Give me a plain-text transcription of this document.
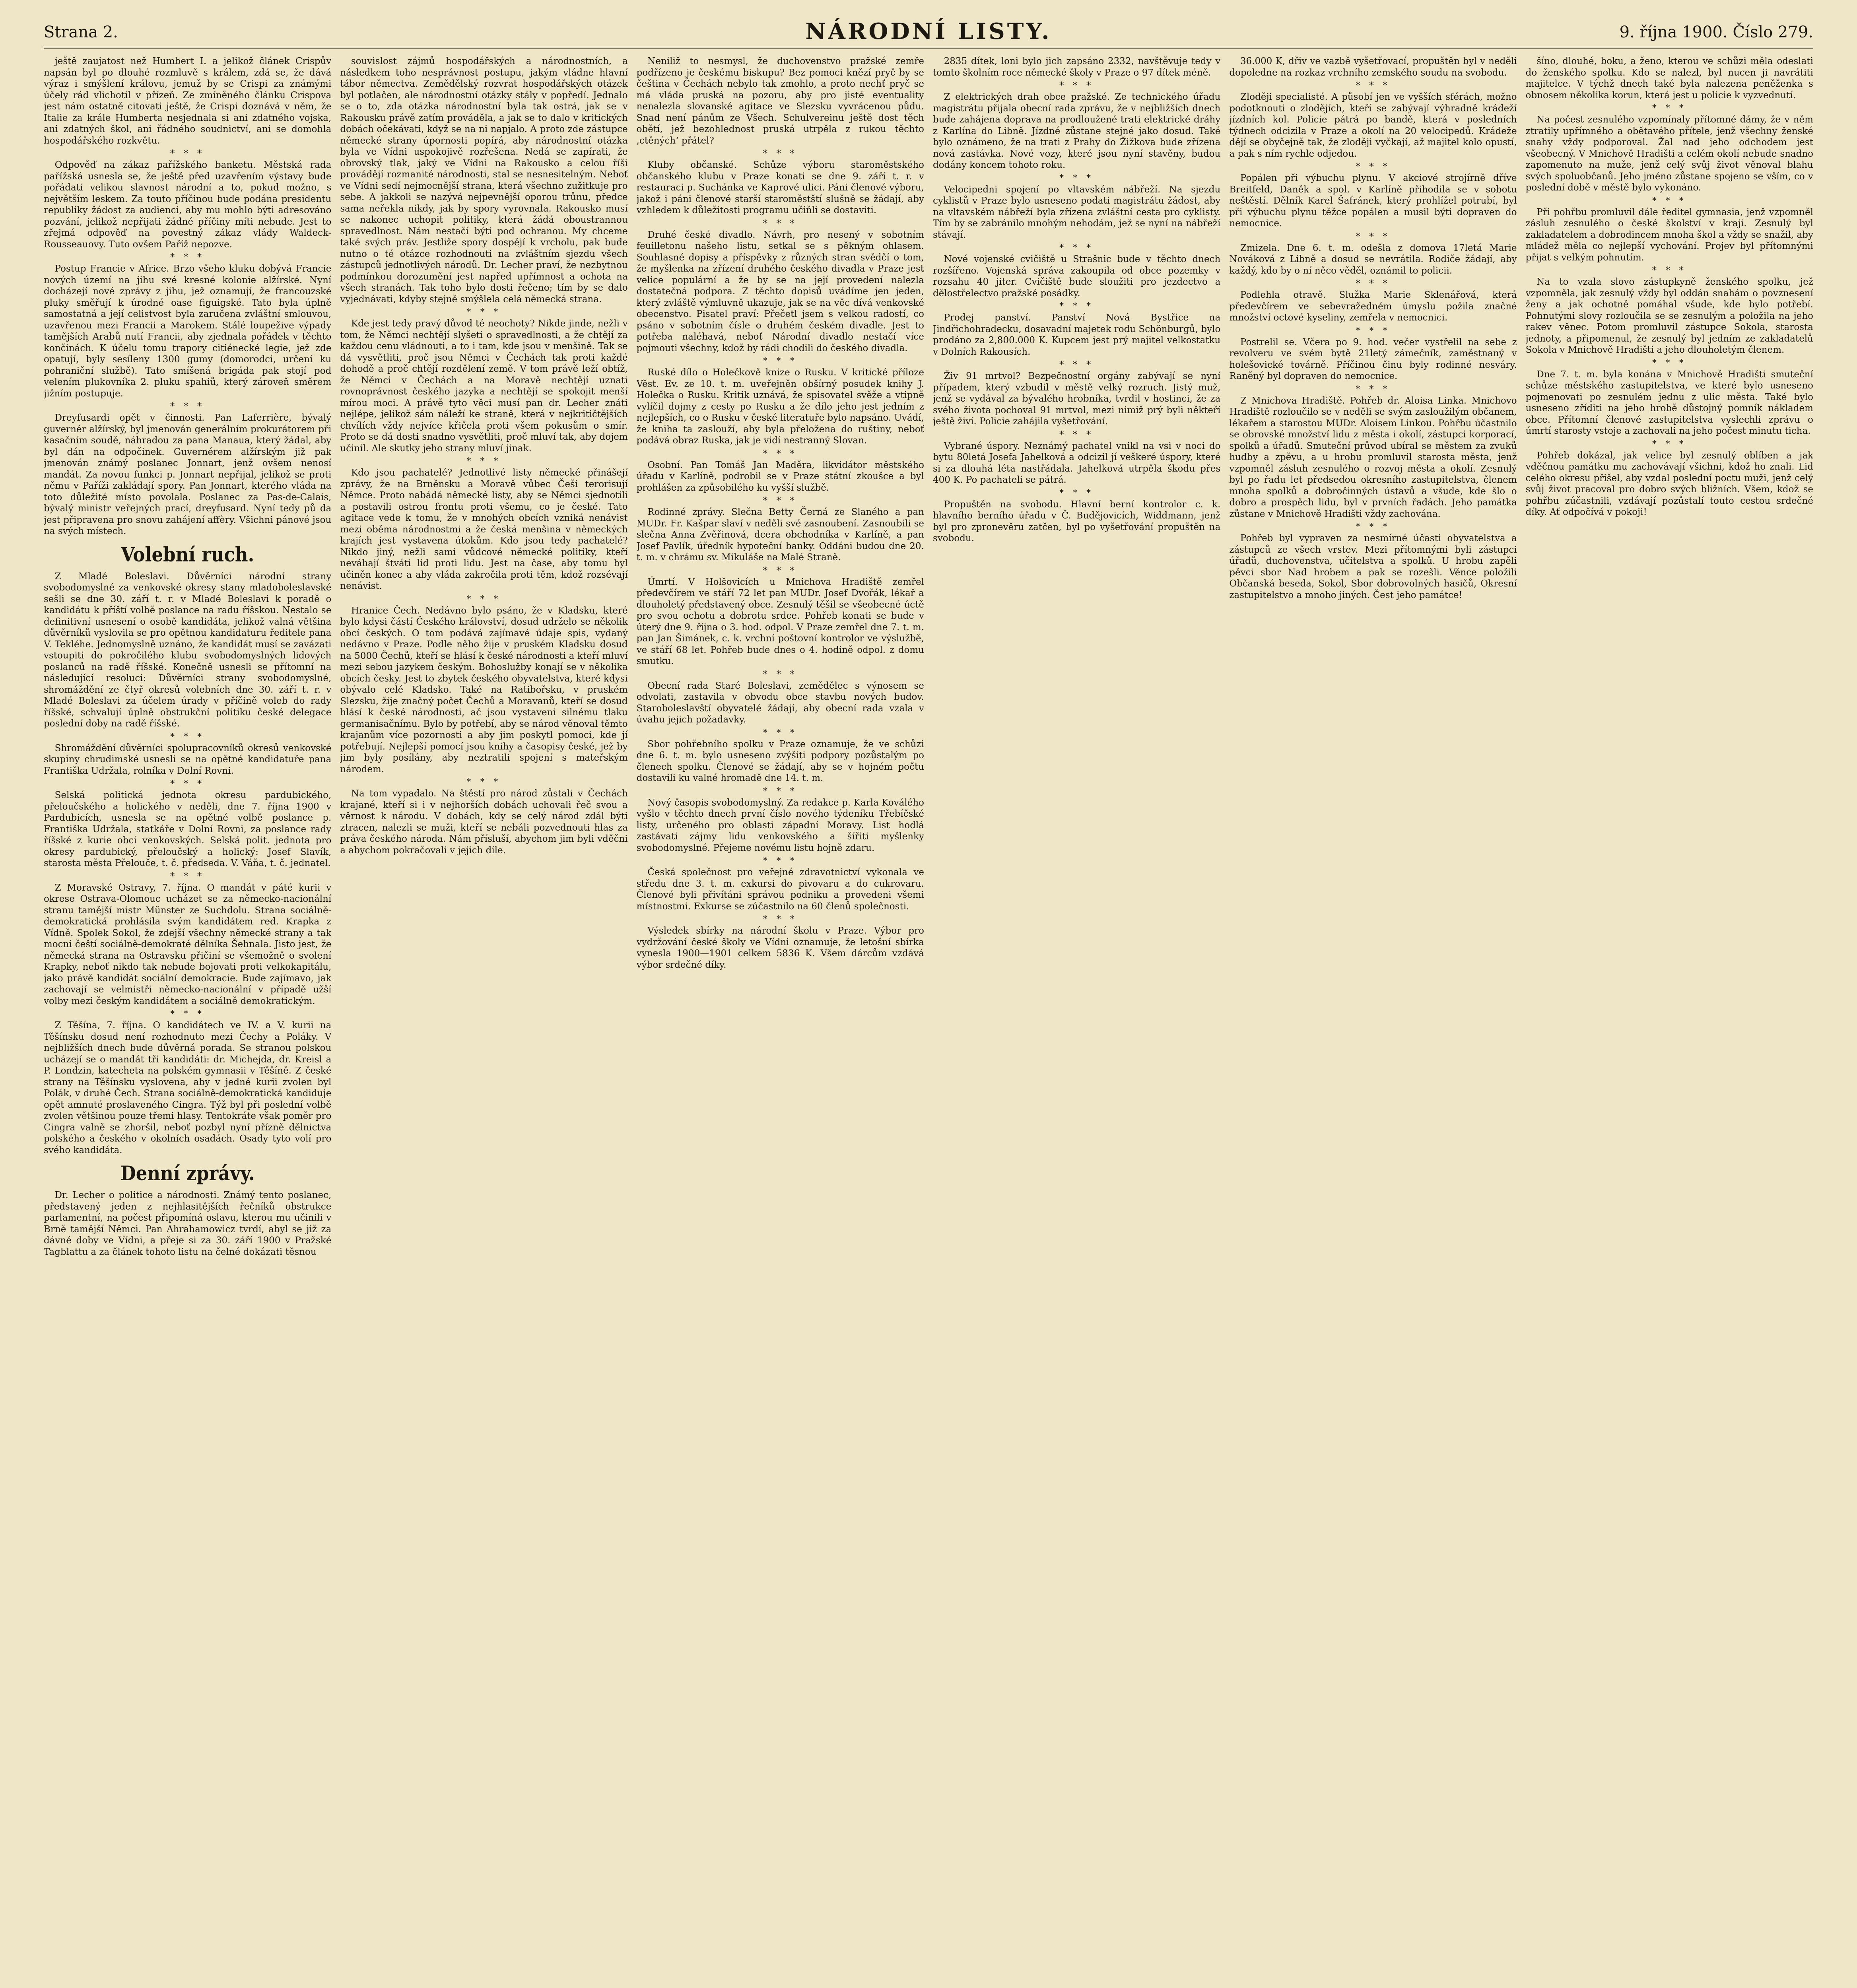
Strana 2.	NÁRODNÍ LISTY.	9. října 1900. Číslo 279.

ještě zaujatost než Humbert I. a jelikož článek Crispův napsán byl po dlouhé rozmluvě s králem, zdá se, že dává výraz i smýšlení královu, jemuž by se Crispi za známými účely rád vlichotil v přízeň. Ze zmíněného článku Crispova jest nám ostatně citovati ještě, že Crispi doznává v něm, že Italie za krále Humberta nesjednala si ani zdatného vojska, ani zdatných škol, ani řádného soudnictví, ani se domohla hospodářského rozkvětu.

* * *

Odpověď na zákaz pařížského banketu. Městská rada pařížská usnesla se, že ještě před uzavřením výstavy bude pořádati velikou slavnost národní a to, pokud možno, s největším leskem. Za touto příčinou bude podána presidentu republiky žádost za audienci, aby mu mohlo býti adresováno pozvání, jelikož nepřijati žádné příčiny míti nebude. Jest to zřejmá odpověď na povestný zákaz vlády Waldeck-Rousseauovy. Tuto ovšem Paříž nepozve.

* * *

Postup Francie v Africe. Brzo všeho kluku dobývá Francie nových území na jihu své kresné kolonie alžírské. Nyní docházejí nové zprávy z jihu, jež oznamují, že francouzské pluky směřují k úrodné oase figuigské. Tato byla úplně samostatná a její celistvost byla zaručena zvláštní smlouvou, uzavřenou mezi Francii a Marokem. Stálé loupežive výpady tamějších Arabů nutí Francii, aby zjednala pořádek v těchto končinách. K účelu tomu trapory citiénecké legie, jež zde opatují, byly sesíleny 1300 gumy (domorodci, určení ku pohraniční službě). Tato smíšená brigáda pak stojí pod velením plukovníka 2. pluku spahiů, který zároveň směrem jižním postupuje.

* * *

Dreyfusardi opět v činnosti. Pan Laferrière, bývalý guvernér alžírský, byl jmenován generálním prokurátorem při kasačním soudě, náhradou za pana Manaua, který žádal, aby byl dán na odpočinek. Guvernérem alžírským již pak jmenován známý poslanec Jonnart, jenž ovšem nenosí mandát. Za novou funkci p. Jonnart nepřijal, jelikož se proti němu v Paříži zakládají spory. Pan Jonnart, kterého vláda na toto důležité místo povolala. Poslanec za Pas-de-Calais, bývalý ministr veřejných prací, dreyfusard. Nyní tedy pů da jest připravena pro snovu zahájení affèry. Všichni pánové jsou na svých místech.

Volební ruch.

Z Mladé Boleslavi. Důvěrníci národní strany svobodomyslné za venkovské okresy stany mladoboleslavské sešli se dne 30. září t. r. v Mladé Boleslavi k poradě o kandidátu k příští volbě poslance na radu říšskou. Nestalo se definitivní usnesení o osobě kandidáta, jelikož valná většina důvěrníků vyslovila se pro opětnou kandidaturu ředitele pana V. Tekléhe. Jednomyslně uznáno, že kandidát musí se zavázati vstoupiti do pokročilého klubu svobodomyslných lidových poslanců na radě říšské. Konečně usnesli se přítomní na následující resoluci: Důvěrníci strany svobodomyslné, shromáždění ze čtyř okresů volebních dne 30. září t. r. v Mladé Boleslavi za účelem úrady v příčině voleb do rady říšské, schvalují úplně obstrukční politiku české delegace poslední doby na radě říšské.

* * *

Shromáždění důvěrníci spolupracovníků okresů venkovské skupiny chrudimské usnesli se na opětné kandidatuře pana Františka Udržala, rolníka v Dolní Rovni.

* * *

Selská politická jednota okresu pardubického, přeloučského a holického v neděli, dne 7. října 1900 v Pardubicích, usnesla se na opětné volbě poslance p. Františka Udržala, statkáře v Dolní Rovni, za poslance rady říšské z kurie obcí venkovských. Selská polit. jednota pro okresy pardubický, přeloučský a holický: Josef Slavík, starosta města Přelouče, t. č. předseda. V. Váňa, t. č. jednatel.

* * *

Z Moravské Ostravy, 7. října. O mandát v páté kurii v okrese Ostrava-Olomouc ucházet se za německo-nacionální stranu tamější mistr Münster ze Suchdolu. Strana sociálně-demokratická prohlásila svým kandidátem red. Krapka z Vídně. Spolek Sokol, že zdejší všechny německé strany a tak mocni čeští sociálně-demokraté dělníka Šehnala. Jisto jest, že německá strana na Ostravsku přičiní se všemožně o svolení Krapky, neboť nikdo tak nebude bojovati proti velkokapitálu, jako právě kandidát sociální demokracie. Bude zajímavo, jak zachovají se velmistři německo-nacionální v případě užší volby mezi českým kandidátem a sociálně demokratickým.

* * *

Z Těšína, 7. října. O kandidátech ve IV. a V. kurii na Těšínsku dosud není rozhodnuto mezi Čechy a Poláky. V nejbližších dnech bude důvěrná porada. Se stranou polskou ucházejí se o mandát tři kandidáti: dr. Michejda, dr. Kreisl a P. Londzin, katecheta na polském gymnasii v Těšíně. Z české strany na Těšínsku vyslovena, aby v jedné kurii zvolen byl Polák, v druhé Čech. Strana sociálně-demokratická kandiduje opět amnuté proslaveného Cingra. Týž byl při poslední volbě zvolen většinou pouze třemi hlasy. Tentokráte však poměr pro Cingra valně se zhoršil, neboť pozbyl nyní přízně dělnictva polského a českého v okolních osadách. Osady tyto volí pro svého kandidáta.

Denní zprávy.

Dr. Lecher o politice a národnosti. Známý tento poslanec, představený jeden z nejhlasitějších řečníků obstrukce parlamentní, na počest připomíná oslavu, kterou mu učinili v Brně tamější Němci. Pan Ahrahamowicz tvrdí, abyl se již za dávné doby ve Vídni, a přeje si za 30. září 1900 v Pražské Tagblattu a za článek tohoto listu na čelné dokázati těsnou

souvislost zájmů hospodářských a národnostních, a následkem toho nesprávnost postupu, jakým vládne hlavní tábor němectva. Zemědělský rozvrat hospodářských otázek byl potlačen, ale národnostní otázky stály v popředí. Jednalo se o to, zda otázka národnostní byla tak ostrá, jak se v Rakousku právě zatím prováděla, a jak se to dalo v kritických dobách očekávati, když se na ni napjalo. A proto zde zástupce německé strany úpornosti popírá, aby národnostní otázka byla ve Vídni uspokojivě rozřešena. Nedá se zapírati, že obrovský tlak, jaký ve Vídni na Rakousko a celou říši provádějí rozmanité národnosti, stal se nesnesitelným. Neboť ve Vídni sedí nejmocnější strana, která všechno zužitkuje pro sebe. A jakkoli se nazývá nejpevnější oporou trůnu, předce sama neřekla nikdy, jak by spory vyrovnala. Rakousko musí se nakonec uchopit politiky, která žádá oboustrannou spravedlnost. Nám nestačí býti pod ochranou. My chceme také svých práv. Jestliže spory dospějí k vrcholu, pak bude nutno o té otázce rozhodnouti na zvláštním sjezdu všech zástupců jednotlivých národů. Dr. Lecher praví, že nezbytnou podmínkou dorozumění jest napřed upřímnost a ochota na všech stranách. Tak toho bylo dosti řečeno; tím by se dalo vyjednávati, kdyby stejně smýšlela celá německá strana.

* * *

Kde jest tedy pravý důvod té neochoty? Nikde jinde, nežli v tom, že Němci nechtějí slyšeti o spravedlnosti, a že chtějí za každou cenu vládnouti, a to i tam, kde jsou v menšině. Tak se dá vysvětliti, proč jsou Němci v Čechách tak proti každé dohodě a proč chtějí rozdělení země. V tom právě leží obtíž, že Němci v Čechách a na Moravě nechtějí uznati rovnoprávnost českého jazyka a nechtějí se spokojit menší mírou moci. A právě tyto věci musí pan dr. Lecher znáti nejlépe, jelikož sám náleží ke straně, která v nejkritičtějších chvílích vždy nejvíce křičela proti všem pokusům o smír. Proto se dá dosti snadno vysvětliti, proč mluví tak, aby dojem učinil. Ale skutky jeho strany mluví jinak.

* * *

Kdo jsou pachatelé? Jednotlivé listy německé přinášejí zprávy, že na Brněnsku a Moravě vůbec Češi terorisují Němce. Proto nabádá německé listy, aby se Němci sjednotili a postavili ostrou frontu proti všemu, co je české. Tato agitace vede k tomu, že v mnohých obcích vzniká nenávist mezi oběma národnostmi a že česká menšina v německých krajích jest vystavena útokům. Kdo jsou tedy pachatelé? Nikdo jiný, nežli sami vůdcové německé politiky, kteří neváhají štváti lid proti lidu. Jest na čase, aby tomu byl učiněn konec a aby vláda zakročila proti těm, kdož rozsévají nenávist.

* * *

Hranice Čech. Nedávno bylo psáno, že v Kladsku, které bylo kdysi částí Českého království, dosud udrželo se několik obcí českých. O tom podává zajímavé údaje spis, vydaný nedávno v Praze. Podle něho žije v pruském Kladsku dosud na 5000 Čechů, kteří se hlásí k české národnosti a kteří mluví mezi sebou jazykem českým. Bohoslužby konají se v několika obcích česky. Jest to zbytek českého obyvatelstva, které kdysi obývalo celé Kladsko. Také na Ratibořsku, v pruském Slezsku, žije značný počet Čechů a Moravanů, kteří se dosud hlásí k české národnosti, ač jsou vystaveni silnému tlaku germanisačnímu. Bylo by potřebí, aby se národ věnoval těmto krajanům více pozornosti a aby jim poskytl pomoci, kde jí potřebují. Nejlepší pomocí jsou knihy a časopisy české, jež by jim byly posílány, aby neztratili spojení s mateřským národem.

* * *

Na tom vypadalo. Na štěstí pro národ zůstali v Čechách krajané, kteří si i v nejhorších dobách uchovali řeč svou a věrnost k národu. V dobách, kdy se celý národ zdál býti ztracen, nalezli se muži, kteří se nebáli pozvednouti hlas za práva českého národa. Nám přísluší, abychom jim byli vděčni a abychom pokračovali v jejich díle.

Neniliž to nesmysl, že duchovenstvo pražské zemře podřízeno je českému biskupu? Bez pomoci knězí pryč by se čeština v Čechách nebylo tak zmohlo, a proto nechť pryč se má vláda pruská na pozoru, aby pro jisté eventuality nenalezla slovanské agitace ve Slezsku vyvrácenou půdu. Snad není pánům ze Všech. Schulvereinu ještě dost těch obětí, jež bezohlednost pruská utrpěla z rukou těchto ,ctěných‘ přátel?

* * *

Kluby občanské. Schůze výboru staroměstského občanského klubu v Praze konati se dne 9. září t. r. v restauraci p. Suchánka ve Kaprové ulici. Páni členové výboru, jakož i páni členové starší staroměstští slušně se žádají, aby vzhledem k důležitosti programu učiňli se dostaviti.

* * *

Druhé české divadlo. Návrh, pro nesený v sobotním feuilletonu našeho listu, setkal se s pěkným ohlasem. Souhlasné dopisy a příspěvky z různých stran svědčí o tom, že myšlenka na zřízení druhého českého divadla v Praze jest velice populární a že by se na její provedení nalezla dostatečná podpora. Z těchto dopisů uvádíme jen jeden, který zvláště výmluvně ukazuje, jak se na věc dívá venkovské obecenstvo. Pisatel praví: Přečetl jsem s velkou radostí, co psáno v sobotním čísle o druhém českém divadle. Jest to potřeba naléhavá, neboť Národní divadlo nestačí více pojmouti všechny, kdož by rádi chodili do českého divadla.

* * *

Ruské dílo o Holečkově knize o Rusku. V kritické příloze Věst. Ev. ze 10. t. m. uveřejněn obšírný posudek knihy J. Holečka o Rusku. Kritik uznává, že spisovatel svěže a vtipně vylíčil dojmy z cesty po Rusku a že dílo jeho jest jedním z nejlepších, co o Rusku v české literatuře bylo napsáno. Uvádí, že kniha ta zaslouží, aby byla přeložena do ruštiny, neboť podává obraz Ruska, jak je vidí nestranný Slovan.

* * *

Osobní. Pan Tomáš Jan Maděra, likvidátor městského úřadu v Karlíně, podrobil se v Praze státní zkoušce a byl prohlášen za způsobilého ku vyšší službě.

* * *

Rodinné zprávy. Slečna Betty Černá ze Slaného a pan MUDr. Fr. Kašpar slaví v neděli své zasnoubení. Zasnoubili se slečna Anna Zvěřinová, dcera obchodníka v Karlíně, a pan Josef Pavlík, úředník hypoteční banky. Oddáni budou dne 20. t. m. v chrámu sv. Mikuláše na Malé Straně.

* * *

Úmrtí. V Holšovicích u Mnichova Hradiště zemřel předevčírem ve stáří 72 let pan MUDr. Josef Dvořák, lékař a dlouholetý představený obce. Zesnulý těšil se všeobecné úctě pro svou ochotu a dobrotu srdce. Pohřeb konati se bude v úterý dne 9. října o 3. hod. odpol. V Praze zemřel dne 7. t. m. pan Jan Šimánek, c. k. vrchní poštovní kontrolor ve výslužbě, ve stáří 68 let. Pohřeb bude dnes o 4. hodině odpol. z domu smutku.

* * *

Obecní rada Staré Boleslavi, zemědělec s výnosem se odvolati, zastavila v obvodu obce stavbu nových budov. Staroboleslavští obyvatelé žádají, aby obecní rada vzala v úvahu jejich požadavky.

* * *

Sbor pohřebního spolku v Praze oznamuje, že ve schůzi dne 6. t. m. bylo usneseno zvýšiti podpory pozůstalým po členech spolku. Členové se žádají, aby se v hojném počtu dostavili ku valné hromadě dne 14. t. m.

* * *

Nový časopis svobodomyslný. Za redakce p. Karla Koválého vyšlo v těchto dnech první číslo nového týdeníku Třebíčské listy, určeného pro oblasti západní Moravy. List hodlá zastávati zájmy lidu venkovského a šířiti myšlenky svobodomyslné. Přejeme novému listu hojně zdaru.

* * *

Česká společnost pro veřejné zdravotnictví vykonala ve středu dne 3. t. m. exkursi do pivovaru a do cukrovaru. Členové byli přivítáni správou podniku a provedeni všemi místnostmi. Exkurse se zúčastnilo na 60 členů společnosti.

* * *

Výsledek sbírky na národní školu v Praze. Výbor pro vydržování české školy ve Vídni oznamuje, že letošní sbírka vynesla 1900—1901 celkem 5836 K. Všem dárcům vzdává výbor srdečné díky.

2835 dítek, loni bylo jich zapsáno 2332, navštěvuje tedy v tomto školním roce německé školy v Praze o 97 dítek méně.

* * *

Z elektrických drah obce pražské. Ze technického úřadu magistrátu přijala obecní rada zprávu, že v nejbližších dnech bude zahájena doprava na prodloužené trati elektrické dráhy z Karlína do Libně. Jízdné zůstane stejné jako dosud. Také bylo oznámeno, že na trati z Prahy do Žižkova bude zřízena nová zastávka. Nové vozy, které jsou nyní stavěny, budou dodány koncem tohoto roku.

* * *

Velocipedni spojení po vltavském nábřeží. Na sjezdu cyklistů v Praze bylo usneseno podati magistrátu žádost, aby na vltavském nábřeží byla zřízena zvláštní cesta pro cyklisty. Tím by se zabránilo mnohým nehodám, jež se nyní na nábřeží stávají.

* * *

Nové vojenské cvičiště u Strašnic bude v těchto dnech rozšířeno. Vojenská správa zakoupila od obce pozemky v rozsahu 40 jiter. Cvičiště bude sloužiti pro jezdectvo a dělostřelectvo pražské posádky.

* * *

Prodej panství. Panství Nová Bystřice na Jindřichohradecku, dosavadní majetek rodu Schönburgů, bylo prodáno za 2,800.000 K. Kupcem jest prý majitel velkostatku v Dolních Rakousích.

* * *

Živ 91 mrtvol? Bezpečnostní orgány zabývají se nyní případem, který vzbudil v městě velký rozruch. Jistý muž, jenž se vydával za bývalého hrobníka, tvrdil v hostinci, že za svého života pochoval 91 mrtvol, mezi nimiž prý byli někteří ještě živí. Policie zahájila vyšetřování.

* * *

Vybrané úspory. Neznámý pachatel vnikl na vsi v noci do bytu 80letá Josefa Jahelková a odcizil jí veškeré úspory, které si za dlouhá léta nastřádala. Jahelková utrpěla škodu přes 400 K. Po pachateli se pátrá.

* * *

Propuštěn na svobodu. Hlavní berní kontrolor c. k. hlavního berního úřadu v Č. Budějovicích, Widdmann, jenž byl pro zpronevěru zatčen, byl po vyšetřování propuštěn na svobodu.

36.000 K, dřiv ve vazbě vyšetřovací, propuštěn byl v neděli dopoledne na rozkaz vrchního zemského soudu na svobodu.

* * *

Zloději specialisté. A působí jen ve vyšších sférách, možno podotknouti o zlodějích, kteří se zabývají výhradně krádeží jízdních kol. Policie pátrá po bandě, která v posledních týdnech odcizila v Praze a okolí na 20 velocipedů. Krádeže dějí se obyčejně tak, že zloději vyčkají, až majitel kolo opustí, a pak s ním rychle odjedou.

* * *

Popálen při výbuchu plynu. V akciové strojírně dříve Breitfeld, Daněk a spol. v Karlíně přihodila se v sobotu neštěstí. Dělník Karel Šafránek, který prohlížel potrubí, byl při výbuchu plynu těžce popálen a musil býti dopraven do nemocnice.

* * *

Zmizela. Dne 6. t. m. odešla z domova 17letá Marie Nováková z Libně a dosud se nevrátila. Rodiče žádají, aby každý, kdo by o ní něco věděl, oznámil to policii.

* * *

Podlehla otravě. Služka Marie Sklenářová, která předevčírem ve sebevražedném úmyslu požila značné množství octové kyseliny, zemřela v nemocnici.

* * *

Postrelil se. Včera po 9. hod. večer vystřelil na sebe z revolveru ve svém bytě 21letý zámečník, zaměstnaný v holešovické továrně. Příčinou činu byly rodinné nesváry. Raněný byl dopraven do nemocnice.

* * *

Z Mnichova Hradiště. Pohřeb dr. Aloisa Linka. Mnichovo Hradiště rozloučilo se v neděli se svým zasloužilým občanem, lékařem a starostou MUDr. Aloisem Linkou. Pohřbu účastnilo se obrovské množství lidu z města i okolí, zástupci korporací, spolků a úřadů. Smuteční průvod ubíral se městem za zvuků hudby a zpěvu, a u hrobu promluvil starosta města, jenž vzpomněl zásluh zesnulého o rozvoj města a okolí. Zesnulý byl po řadu let předsedou okresního zastupitelstva, členem mnoha spolků a dobročinných ústavů a všude, kde šlo o dobro a prospěch lidu, byl v prvních řadách. Jeho památka zůstane v Mnichově Hradišti vždy zachována.

* * *

Pohřeb byl vypraven za nesmírné účasti obyvatelstva a zástupců ze všech vrstev. Mezi přítomnými byli zástupci úřadů, duchovenstva, učitelstva a spolků. U hrobu zapěli pěvci sbor Nad hrobem a pak se rozešli. Věnce položili Občanská beseda, Sokol, Sbor dobrovolných hasičů, Okresní zastupitelstvo a mnoho jiných. Čest jeho památce!

šíno, dlouhé, boku, a ženo, kterou ve schůzi měla odeslati do ženského spolku. Kdo se nalezl, byl nucen ji navrátiti majitelce. V týchž dnech také byla nalezena peněženka s obnosem několika korun, která jest u policie k vyzvednutí.

* * *

Na počest zesnulého vzpomínaly přítomné dámy, že v něm ztratily upřímného a obětavého přítele, jenž všechny ženské snahy vždy podporoval. Žal nad jeho odchodem jest všeobecný. V Mnichově Hradišti a celém okolí nebude snadno zapomenuto na muže, jenž celý svůj život věnoval blahu svých spoluobčanů. Jeho jméno zůstane spojeno se vším, co v poslední době v městě bylo vykonáno.

* * *

Při pohřbu promluvil dále ředitel gymnasia, jenž vzpomněl zásluh zesnulého o české školství v kraji. Zesnulý byl zakladatelem a dobrodincem mnoha škol a vždy se snažil, aby mládež měla co nejlepší vychování. Projev byl přítomnými přijat s velkým pohnutím.

* * *

Na to vzala slovo zástupkyně ženského spolku, jež vzpomněla, jak zesnulý vždy byl oddán snahám o povznesení ženy a jak ochotně pomáhal všude, kde bylo potřebí. Pohnutými slovy rozloučila se se zesnulým a položila na jeho rakev věnec. Potom promluvil zástupce Sokola, starosta jednoty, a připomenul, že zesnulý byl jedním ze zakladatelů Sokola v Mnichově Hradišti a jeho dlouholetým členem.

* * *

Dne 7. t. m. byla konána v Mnichově Hradišti smuteční schůze městského zastupitelstva, ve které bylo usneseno pojmenovati po zesnulém jednu z ulic města. Také bylo usneseno zříditi na jeho hrobě důstojný pomník nákladem obce. Přítomní členové zastupitelstva vyslechli zprávu o úmrtí starosty vstoje a zachovali na jeho počest minutu ticha.

* * *

Pohřeb dokázal, jak velice byl zesnulý oblíben a jak vděčnou památku mu zachovávají všichni, kdož ho znali. Lid celého okresu přišel, aby vzdal poslední poctu muži, jenž celý svůj život pracoval pro dobro svých bližních. Všem, kdož se pohřbu zúčastnili, vzdávají pozůstalí touto cestou srdečné díky. Ať odpočívá v pokoji!
